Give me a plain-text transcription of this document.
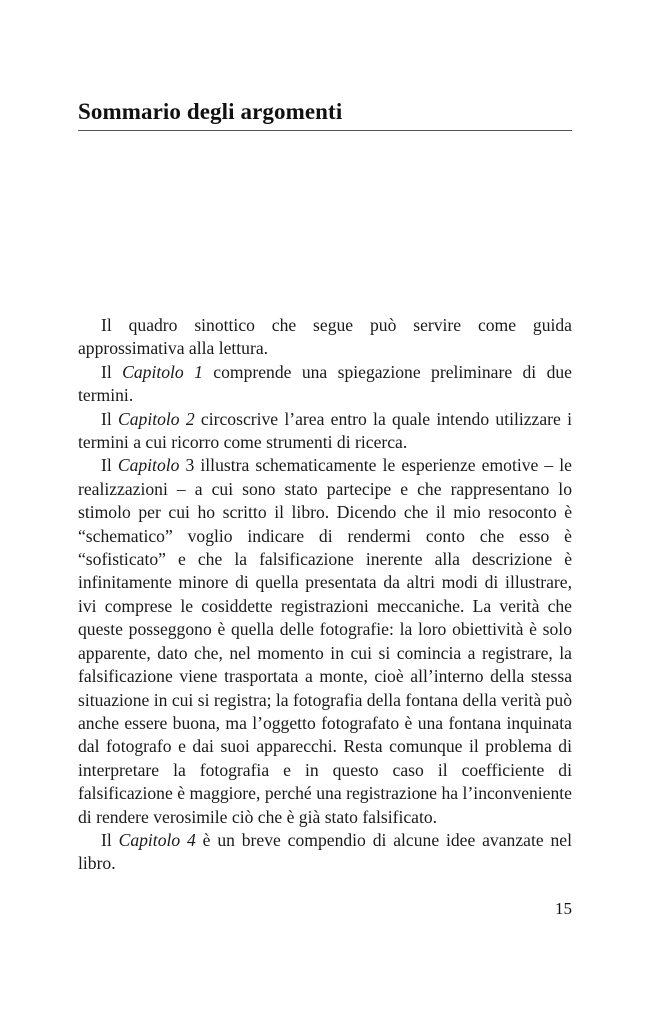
Sommario degli argomenti

Il quadro sinottico che segue può servire come guida approssimativa alla lettura.

Il Capitolo 1 comprende una spiegazione preliminare di due termini.

Il Capitolo 2 circoscrive l’area entro la quale intendo utilizzare i termini a cui ricorro come strumenti di ricerca.

Il Capitolo 3 illustra schematicamente le esperienze emotive – le realizzazioni – a cui sono stato partecipe e che rappresentano lo stimolo per cui ho scritto il libro. Dicendo che il mio resoconto è “schematico” voglio indicare di rendermi conto che esso è “sofisticato” e che la falsificazione inerente alla descrizione è infinitamente minore di quella presentata da altri modi di illustrare, ivi comprese le cosiddette registrazioni meccaniche. La verità che queste posseggono è quella delle fotografie: la loro obiettività è solo apparente, dato che, nel momento in cui si comincia a registrare, la falsificazione viene trasportata a monte, cioè all’interno della stessa situazione in cui si registra; la fotografia della fontana della verità può anche essere buona, ma l’oggetto fotografato è una fontana inquinata dal fotografo e dai suoi apparecchi. Resta comunque il problema di interpretare la fotografia e in questo caso il coefficiente di falsificazione è maggiore, perché una registrazione ha l’inconveniente di rendere verosimile ciò che è già stato falsificato.

Il Capitolo 4 è un breve compendio di alcune idee avanzate nel libro.

15
